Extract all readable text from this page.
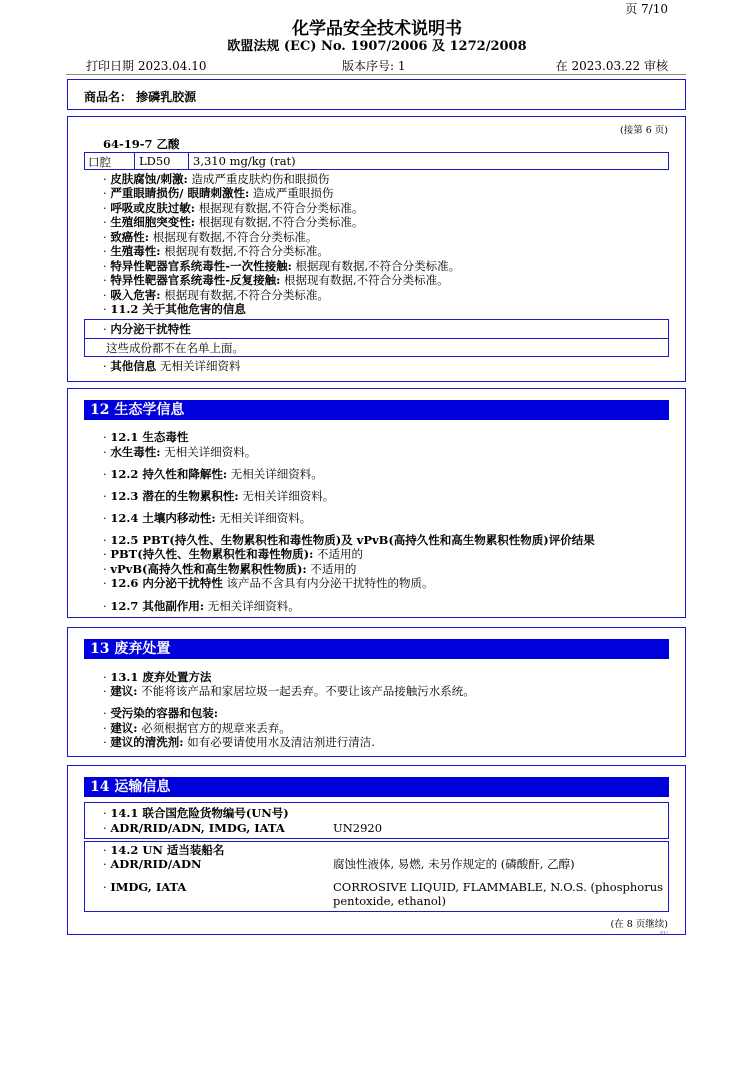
页 7/10
化学品安全技术说明书
欧盟法规 (EC) No. 1907/2006 及 1272/2008
打印日期 2023.04.10	版本序号: 1	在 2023.03.22 审核
商品名： 掺磷乳胶源
(接第 6 页)
64-19-7 乙酸
口腔 LD50 3,310 mg/kg (rat)
· 皮肤腐蚀/刺激: 造成严重皮肤灼伤和眼损伤
· 严重眼睛损伤/ 眼睛刺激性: 造成严重眼损伤
· 呼吸或皮肤过敏: 根据现有数据,不符合分类标准。
· 生殖细胞突变性: 根据现有数据,不符合分类标准。
· 致癌性: 根据现有数据,不符合分类标准。
· 生殖毒性: 根据现有数据,不符合分类标准。
· 特异性靶器官系统毒性-一次性接触: 根据现有数据,不符合分类标准。
· 特异性靶器官系统毒性-反复接触: 根据现有数据,不符合分类标准。
· 吸入危害: 根据现有数据,不符合分类标准。
· 11.2 关于其他危害的信息
· 内分泌干扰特性
这些成份都不在名单上面。
· 其他信息 无相关详细资料
12 生态学信息
· 12.1 生态毒性
· 水生毒性: 无相关详细资料。
· 12.2 持久性和降解性: 无相关详细资料。
· 12.3 潜在的生物累积性: 无相关详细资料。
· 12.4 土壤内移动性: 无相关详细资料。
· 12.5 PBT(持久性、生物累积性和毒性物质)及 vPvB(高持久性和高生物累积性物质)评价结果
· PBT(持久性、生物累积性和毒性物质): 不适用的
· vPvB(高持久性和高生物累积性物质): 不适用的
· 12.6 内分泌干扰特性 该产品不含具有内分泌干扰特性的物质。
· 12.7 其他副作用: 无相关详细资料。
13 废弃处置
· 13.1 废弃处置方法
· 建议: 不能将该产品和家居垃圾一起丢弃。不要让该产品接触污水系统。
· 受污染的容器和包装:
· 建议: 必须根据官方的规章来丢弃。
· 建议的清洗剂: 如有必要请使用水及清洁剂进行清洁.
14 运输信息
· 14.1 联合国危险货物编号(UN号)
· ADR/RID/ADN, IMDG, IATA	UN2920
· 14.2 UN 适当装船名
· ADR/RID/ADN	腐蚀性液体, 易燃, 未另作规定的 (磷酸酐, 乙醇)
· IMDG, IATA	CORROSIVE LIQUID, FLAMMABLE, N.O.S. (phosphorus
pentoxide, ethanol)
(在 8 页继续)
EU
